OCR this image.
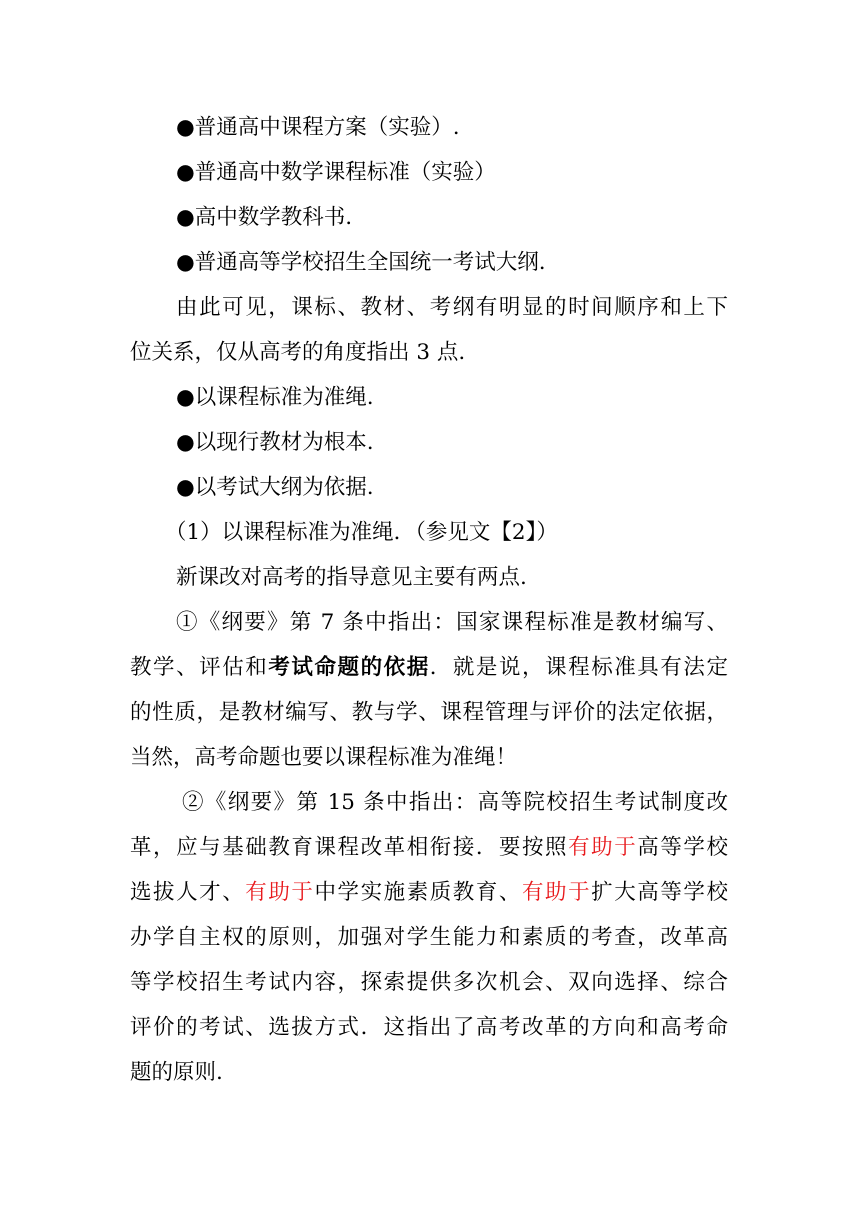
●普通高中课程方案（实验）.
●普通高中数学课程标准（实验）
●高中数学教科书.
●普通高等学校招生全国统一考试大纲.
由此可见，课标、教材、考纲有明显的时间顺序和上下
位关系，仅从高考的角度指出 3 点.
●以课程标准为准绳.
●以现行教材为根本.
●以考试大纲为依据.
（1）以课程标准为准绳．（参见文【2】）
新课改对高考的指导意见主要有两点.
①《纲要》第 7 条中指出：国家课程标准是教材编写、
教学、评估和考试命题的依据．就是说，课程标准具有法定
的性质，是教材编写、教与学、课程管理与评价的法定依据，
当然，高考命题也要以课程标准为准绳！
②《纲要》第 15 条中指出：高等院校招生考试制度改
革，应与基础教育课程改革相衔接．要按照有助于高等学校
选拔人才、有助于中学实施素质教育、有助于扩大高等学校
办学自主权的原则，加强对学生能力和素质的考查，改革高
等学校招生考试内容，探索提供多次机会、双向选择、综合
评价的考试、选拔方式．这指出了高考改革的方向和高考命
题的原则.
